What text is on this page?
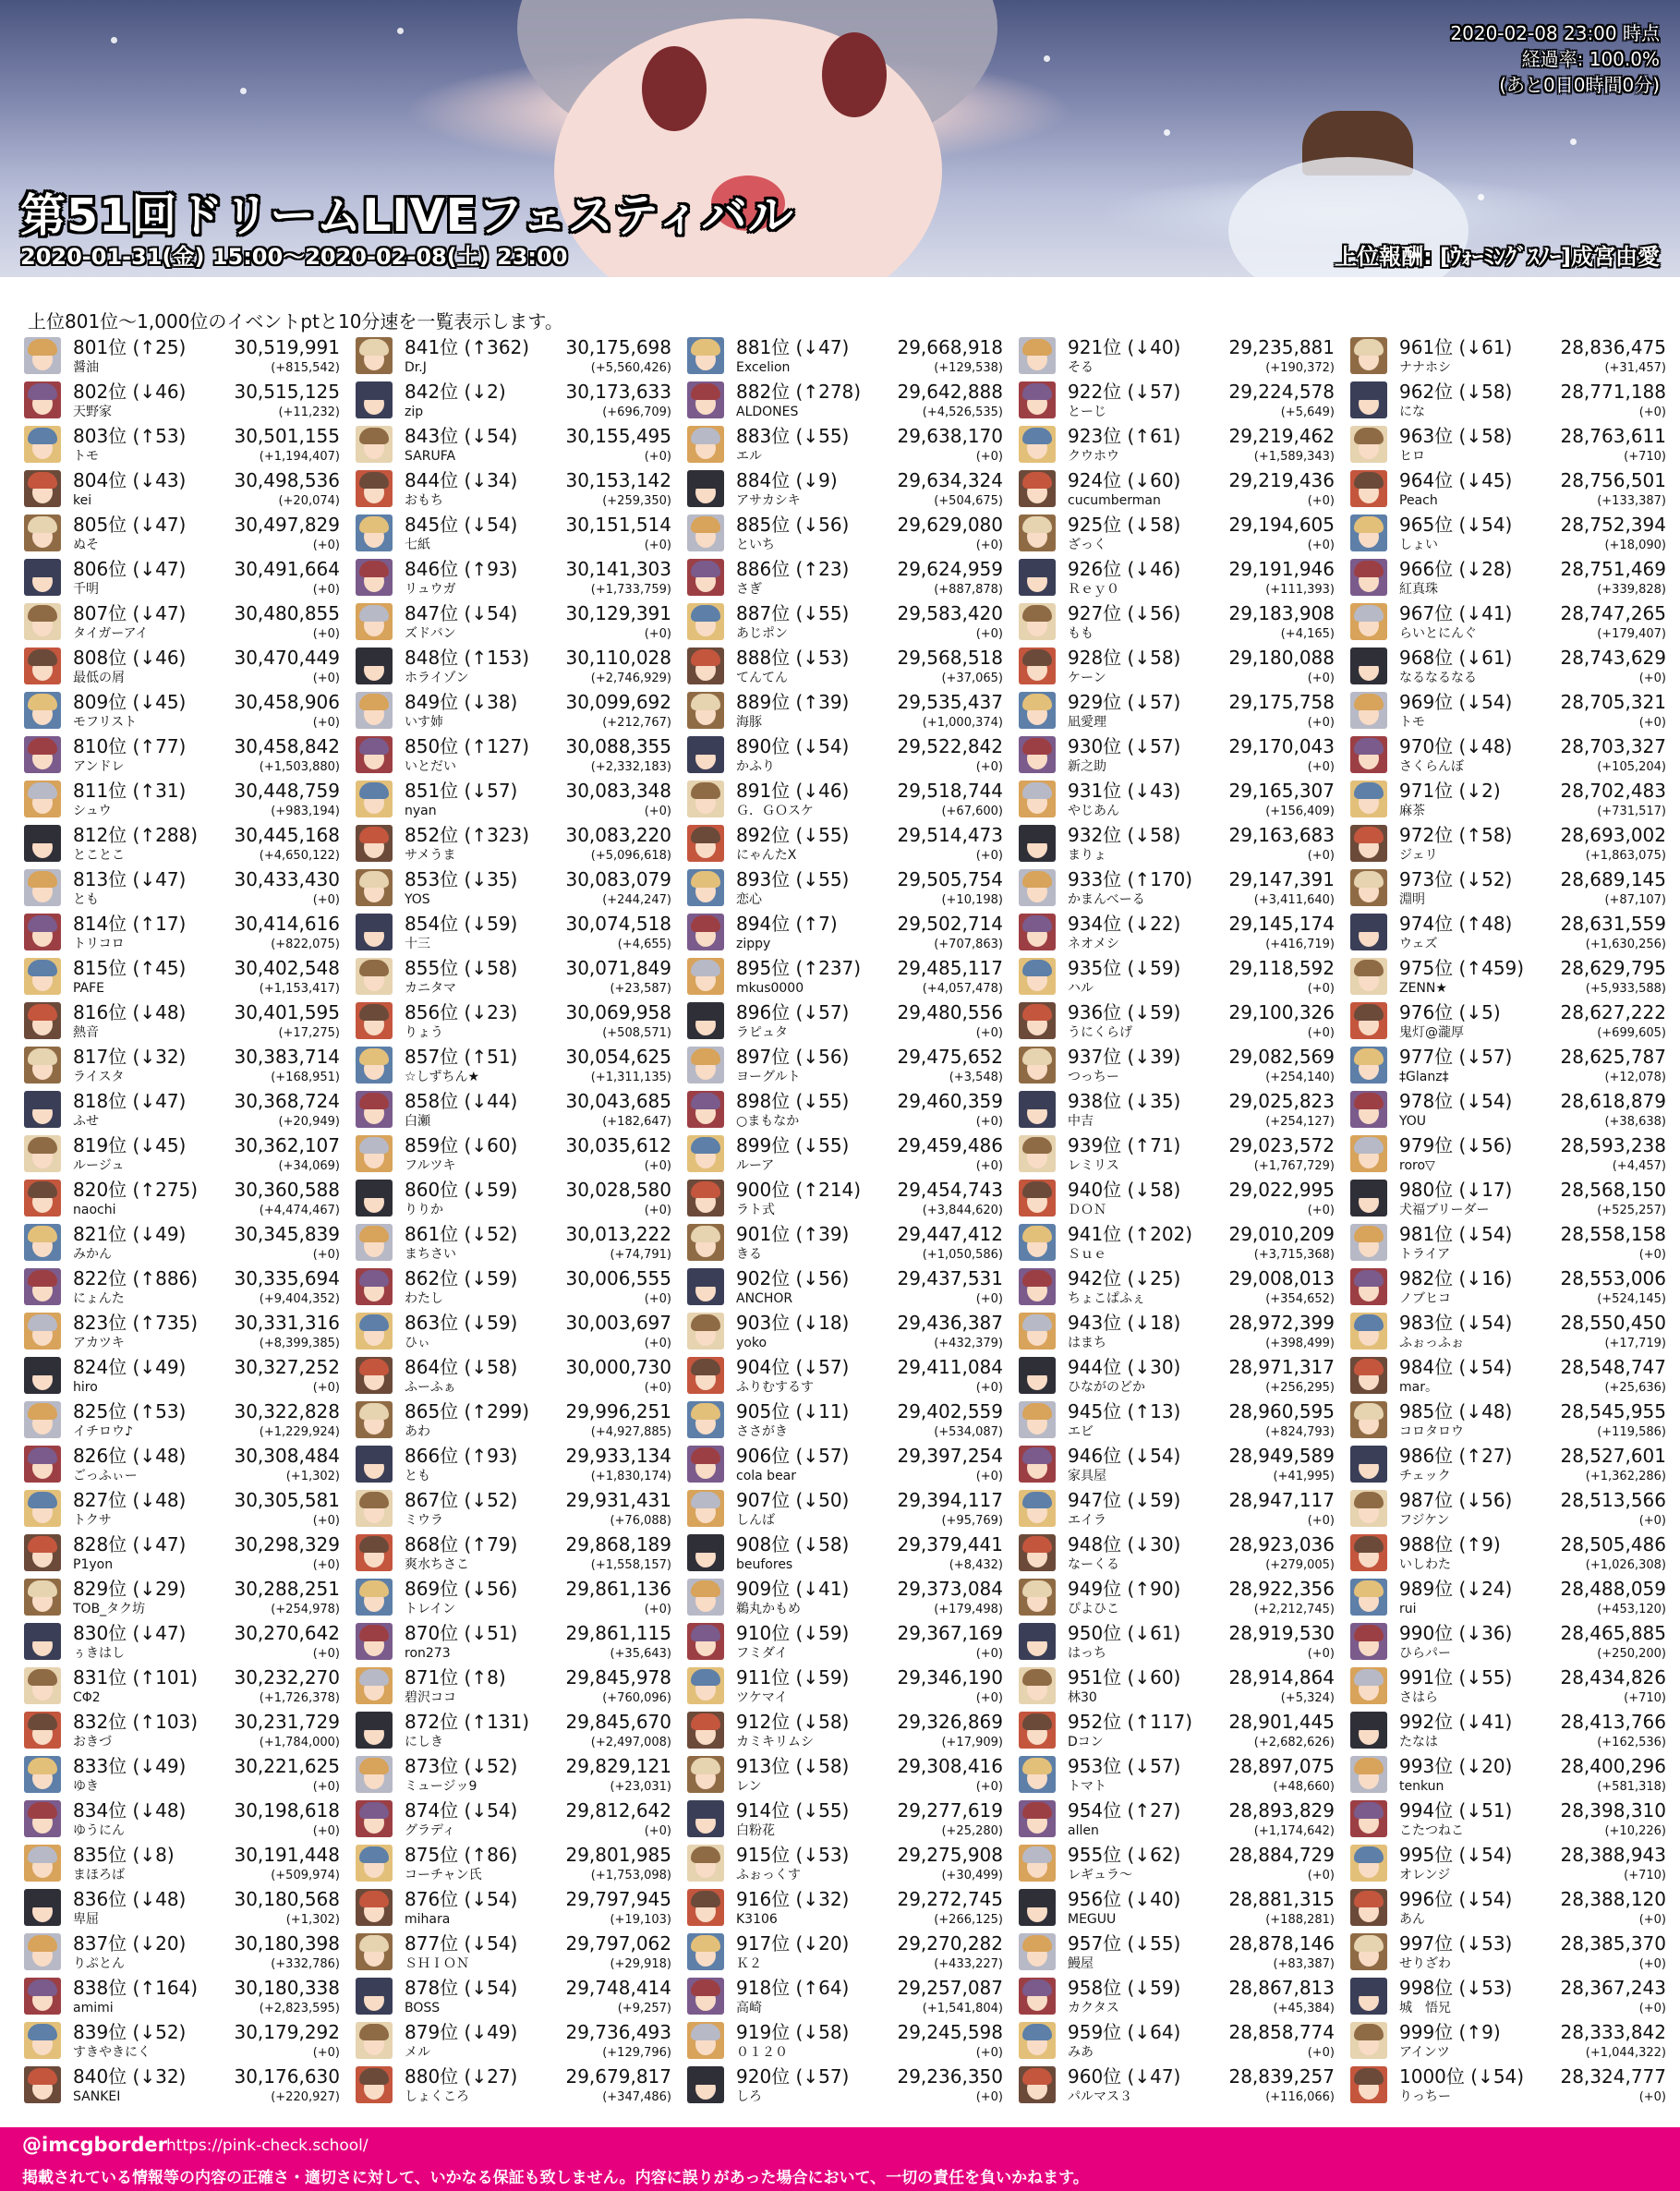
第51回ドリームLIVEフェスティバル
2020-01-31(金) 15:00〜2020-02-08(土) 23:00	上位報酬: [ｳｫｰﾐﾝｸﾞｽﾉｰ]成宮由愛
2020-02-08 23:00 時点
経過率: 100.0%
(あと0日0時間0分)
上位801位〜1,000位のイベントptと10分速を一覧表示します。
801位 (↑25)
醤油
30,519,991
(+815,542)
802位 (↓46)
天野家
30,515,125
(+11,232)
803位 (↑53)
トモ
30,501,155
(+1,194,407)
804位 (↓43)
kei
30,498,536
(+20,074)
805位 (↓47)
ぬそ
30,497,829
(+0)
806位 (↓47)
千明
30,491,664
(+0)
807位 (↓47)
タイガーアイ
30,480,855
(+0)
808位 (↓46)
最低の屑
30,470,449
(+0)
809位 (↓45)
モフリスト
30,458,906
(+0)
810位 (↑77)
アンドレ
30,458,842
(+1,503,880)
811位 (↑31)
シュウ
30,448,759
(+983,194)
812位 (↑288)
とことこ
30,445,168
(+4,650,122)
813位 (↓47)
とも
30,433,430
(+0)
814位 (↑17)
トリコロ
30,414,616
(+822,075)
815位 (↑45)
PAFE
30,402,548
(+1,153,417)
816位 (↓48)
熱音
30,401,595
(+17,275)
817位 (↓32)
ライスタ
30,383,714
(+168,951)
818位 (↓47)
ふせ
30,368,724
(+20,949)
819位 (↓45)
ルージュ
30,362,107
(+34,069)
820位 (↑275)
naochi
30,360,588
(+4,474,467)
821位 (↓49)
みかん
30,345,839
(+0)
822位 (↑886)
にょんた
30,335,694
(+9,404,352)
823位 (↑735)
アカツキ
30,331,316
(+8,399,385)
824位 (↓49)
hiro
30,327,252
(+0)
825位 (↑53)
イチロウ♪
30,322,828
(+1,229,924)
826位 (↓48)
ごっふぃー
30,308,484
(+1,302)
827位 (↓48)
トクサ
30,305,581
(+0)
828位 (↓47)
P1yon
30,298,329
(+0)
829位 (↓29)
TOB_タク坊
30,288,251
(+254,978)
830位 (↓47)
ぅきはし
30,270,642
(+0)
831位 (↑101)
CΦ2
30,232,270
(+1,726,378)
832位 (↑103)
おきづ
30,231,729
(+1,784,000)
833位 (↓49)
ゆき
30,221,625
(+0)
834位 (↓48)
ゆうにん
30,198,618
(+0)
835位 (↓8)
まほろば
30,191,448
(+509,974)
836位 (↓48)
卑屈
30,180,568
(+1,302)
837位 (↓20)
りぷとん
30,180,398
(+332,786)
838位 (↑164)
amimi
30,180,338
(+2,823,595)
839位 (↓52)
すきやきにく
30,179,292
(+0)
840位 (↓32)
SANKEI
30,176,630
(+220,927)
841位 (↑362)
Dr.J
30,175,698
(+5,560,426)
842位 (↓2)
zip
30,173,633
(+696,709)
843位 (↓54)
SARUFA
30,155,495
(+0)
844位 (↓34)
おもち
30,153,142
(+259,350)
845位 (↓54)
七紙
30,151,514
(+0)
846位 (↑93)
リュウガ
30,141,303
(+1,733,759)
847位 (↓54)
ズドバン
30,129,391
(+0)
848位 (↑153)
ホライゾン
30,110,028
(+2,746,929)
849位 (↓38)
いす姉
30,099,692
(+212,767)
850位 (↑127)
いとだい
30,088,355
(+2,332,183)
851位 (↓57)
nyan
30,083,348
(+0)
852位 (↑323)
サメうま
30,083,220
(+5,096,618)
853位 (↓35)
YOS
30,083,079
(+244,247)
854位 (↓59)
十三
30,074,518
(+4,655)
855位 (↓58)
カニタマ
30,071,849
(+23,587)
856位 (↓23)
りょう
30,069,958
(+508,571)
857位 (↑51)
☆しずちん★
30,054,625
(+1,311,135)
858位 (↓44)
白瀬
30,043,685
(+182,647)
859位 (↓60)
フルツキ
30,035,612
(+0)
860位 (↓59)
りりか
30,028,580
(+0)
861位 (↓52)
まちさい
30,013,222
(+74,791)
862位 (↓59)
わたし
30,006,555
(+0)
863位 (↓59)
ひぃ
30,003,697
(+0)
864位 (↓58)
ふーふぁ
30,000,730
(+0)
865位 (↑299)
あわ
29,996,251
(+4,927,885)
866位 (↑93)
とも
29,933,134
(+1,830,174)
867位 (↓52)
ミウラ
29,931,431
(+76,088)
868位 (↑79)
爽水ちさこ
29,868,189
(+1,558,157)
869位 (↓56)
トレイン
29,861,136
(+0)
870位 (↓51)
ron273
29,861,115
(+35,643)
871位 (↑8)
碧沢ココ
29,845,978
(+760,096)
872位 (↑131)
にしき
29,845,670
(+2,497,008)
873位 (↓52)
ミュージッ9
29,829,121
(+23,031)
874位 (↓54)
グラディ
29,812,642
(+0)
875位 (↑86)
コーチャン氏
29,801,985
(+1,753,098)
876位 (↓54)
mihara
29,797,945
(+19,103)
877位 (↓54)
ＳＨＩＯＮ
29,797,062
(+29,918)
878位 (↓54)
BOSS
29,748,414
(+9,257)
879位 (↓49)
メル
29,736,493
(+129,796)
880位 (↓27)
しょくころ
29,679,817
(+347,486)
881位 (↓47)
Excelion
29,668,918
(+129,538)
882位 (↑278)
ALDONES
29,642,888
(+4,526,535)
883位 (↓55)
エル
29,638,170
(+0)
884位 (↓9)
アサカシキ
29,634,324
(+504,675)
885位 (↓56)
といち
29,629,080
(+0)
886位 (↑23)
さぎ
29,624,959
(+887,878)
887位 (↓55)
あじポン
29,583,420
(+0)
888位 (↓53)
てんてん
29,568,518
(+37,065)
889位 (↑39)
海豚
29,535,437
(+1,000,374)
890位 (↓54)
かふり
29,522,842
(+0)
891位 (↓46)
Ｇ．ＧＯスケ
29,518,744
(+67,600)
892位 (↓55)
にゃんたX
29,514,473
(+0)
893位 (↓55)
恋心
29,505,754
(+10,198)
894位 (↑7)
zippy
29,502,714
(+707,863)
895位 (↑237)
mkus0000
29,485,117
(+4,057,478)
896位 (↓57)
ラピュタ
29,480,556
(+0)
897位 (↓56)
ヨーグルト
29,475,652
(+3,548)
898位 (↓55)
○まもなか
29,460,359
(+0)
899位 (↓55)
ルーア
29,459,486
(+0)
900位 (↑214)
ラト式
29,454,743
(+3,844,620)
901位 (↑39)
きる
29,447,412
(+1,050,586)
902位 (↓56)
ANCHOR
29,437,531
(+0)
903位 (↓18)
yoko
29,436,387
(+432,379)
904位 (↓57)
ふりむするす
29,411,084
(+0)
905位 (↓11)
ささがき
29,402,559
(+534,087)
906位 (↓57)
cola bear
29,397,254
(+0)
907位 (↓50)
しんば
29,394,117
(+95,769)
908位 (↓58)
beufores
29,379,441
(+8,432)
909位 (↓41)
鵜丸かもめ
29,373,084
(+179,498)
910位 (↓59)
フミダイ
29,367,169
(+0)
911位 (↓59)
ツケマイ
29,346,190
(+0)
912位 (↓58)
カミキリムシ
29,326,869
(+17,909)
913位 (↓58)
レン
29,308,416
(+0)
914位 (↓55)
白粉花
29,277,619
(+25,280)
915位 (↓53)
ふぉっくす
29,275,908
(+30,499)
916位 (↓32)
K3106
29,272,745
(+266,125)
917位 (↓20)
Ｋ２
29,270,282
(+433,227)
918位 (↑64)
高崎
29,257,087
(+1,541,804)
919位 (↓58)
０１２０
29,245,598
(+0)
920位 (↓57)
しろ
29,236,350
(+0)
921位 (↓40)
そる
29,235,881
(+190,372)
922位 (↓57)
とーじ
29,224,578
(+5,649)
923位 (↑61)
クウホウ
29,219,462
(+1,589,343)
924位 (↓60)
cucumberman
29,219,436
(+0)
925位 (↓58)
ざっく
29,194,605
(+0)
926位 (↓46)
Ｒｅｙ０
29,191,946
(+111,393)
927位 (↓56)
もも
29,183,908
(+4,165)
928位 (↓58)
ケーン
29,180,088
(+0)
929位 (↓57)
凪愛理
29,175,758
(+0)
930位 (↓57)
新之助
29,170,043
(+0)
931位 (↓43)
やじあん
29,165,307
(+156,409)
932位 (↓58)
まりょ
29,163,683
(+0)
933位 (↑170)
かまんべーる
29,147,391
(+3,411,640)
934位 (↓22)
ネオメシ
29,145,174
(+416,719)
935位 (↓59)
ハル
29,118,592
(+0)
936位 (↓59)
うにくらげ
29,100,326
(+0)
937位 (↓39)
つっちー
29,082,569
(+254,140)
938位 (↓35)
中吉
29,025,823
(+254,127)
939位 (↑71)
レミリス
29,023,572
(+1,767,729)
940位 (↓58)
ＤＯＮ
29,022,995
(+0)
941位 (↑202)
Ｓｕｅ
29,010,209
(+3,715,368)
942位 (↓25)
ちょこぱふぇ
29,008,013
(+354,652)
943位 (↓18)
はまち
28,972,399
(+398,499)
944位 (↓30)
ひながのどか
28,971,317
(+256,295)
945位 (↑13)
エビ
28,960,595
(+824,793)
946位 (↓54)
家具屋
28,949,589
(+41,995)
947位 (↓59)
エイラ
28,947,117
(+0)
948位 (↓30)
なーくる
28,923,036
(+279,005)
949位 (↑90)
ぴよひこ
28,922,356
(+2,212,745)
950位 (↓61)
はっち
28,919,530
(+0)
951位 (↓60)
林30
28,914,864
(+5,324)
952位 (↑117)
Dコン
28,901,445
(+2,682,626)
953位 (↓57)
トマト
28,897,075
(+48,660)
954位 (↑27)
allen
28,893,829
(+1,174,642)
955位 (↓62)
レギュラ～
28,884,729
(+0)
956位 (↓40)
MEGUU
28,881,315
(+188,281)
957位 (↓55)
鰻屋
28,878,146
(+83,387)
958位 (↓59)
カクタス
28,867,813
(+45,384)
959位 (↓64)
みあ
28,858,774
(+0)
960位 (↓47)
パルマス３
28,839,257
(+116,066)
961位 (↓61)
ナナホシ
28,836,475
(+31,457)
962位 (↓58)
にな
28,771,188
(+0)
963位 (↓58)
ヒロ
28,763,611
(+710)
964位 (↓45)
Peach
28,756,501
(+133,387)
965位 (↓54)
しょい
28,752,394
(+18,090)
966位 (↓28)
紅真珠
28,751,469
(+339,828)
967位 (↓41)
らいとにんぐ
28,747,265
(+179,407)
968位 (↓61)
なるなるなる
28,743,629
(+0)
969位 (↓54)
トモ
28,705,321
(+0)
970位 (↓48)
さくらんぼ
28,703,327
(+105,204)
971位 (↓2)
麻茶
28,702,483
(+731,517)
972位 (↑58)
ジェリ
28,693,002
(+1,863,075)
973位 (↓52)
淵明
28,689,145
(+87,107)
974位 (↑48)
ウェズ
28,631,559
(+1,630,256)
975位 (↑459)
ZENN★
28,629,795
(+5,933,588)
976位 (↓5)
鬼灯@瀧厚
28,627,222
(+699,605)
977位 (↓57)
‡Glanz‡
28,625,787
(+12,078)
978位 (↓54)
YOU
28,618,879
(+38,638)
979位 (↓56)
roro▽
28,593,238
(+4,457)
980位 (↓17)
犬福ブリーダー
28,568,150
(+525,257)
981位 (↓54)
トライア
28,558,158
(+0)
982位 (↓16)
ノブヒコ
28,553,006
(+524,145)
983位 (↓54)
ふぉっふぉ
28,550,450
(+17,719)
984位 (↓54)
mar。
28,548,747
(+25,636)
985位 (↓48)
コロタロウ
28,545,955
(+119,586)
986位 (↑27)
チェック
28,527,601
(+1,362,286)
987位 (↓56)
フジケン
28,513,566
(+0)
988位 (↑9)
いしわた
28,505,486
(+1,026,308)
989位 (↓24)
rui
28,488,059
(+453,120)
990位 (↓36)
ひらパー
28,465,885
(+250,200)
991位 (↓55)
さはら
28,434,826
(+710)
992位 (↓41)
たなは
28,413,766
(+162,536)
993位 (↓20)
tenkun
28,400,296
(+581,318)
994位 (↓51)
こたつねこ
28,398,310
(+10,226)
995位 (↓54)
オレンジ
28,388,943
(+710)
996位 (↓54)
あん
28,388,120
(+0)
997位 (↓53)
せりざわ
28,385,370
(+0)
998位 (↓53)
城　悟兄
28,367,243
(+0)
999位 (↑9)
アインツ
28,333,842
(+1,044,322)
1000位 (↓54)
りっちー
28,324,777
(+0)
@imcgborder
https://pink-check.school/
掲載されている情報等の内容の正確さ・適切さに対して、いかなる保証も致しません。内容に誤りがあった場合において、一切の責任を負いかねます。
